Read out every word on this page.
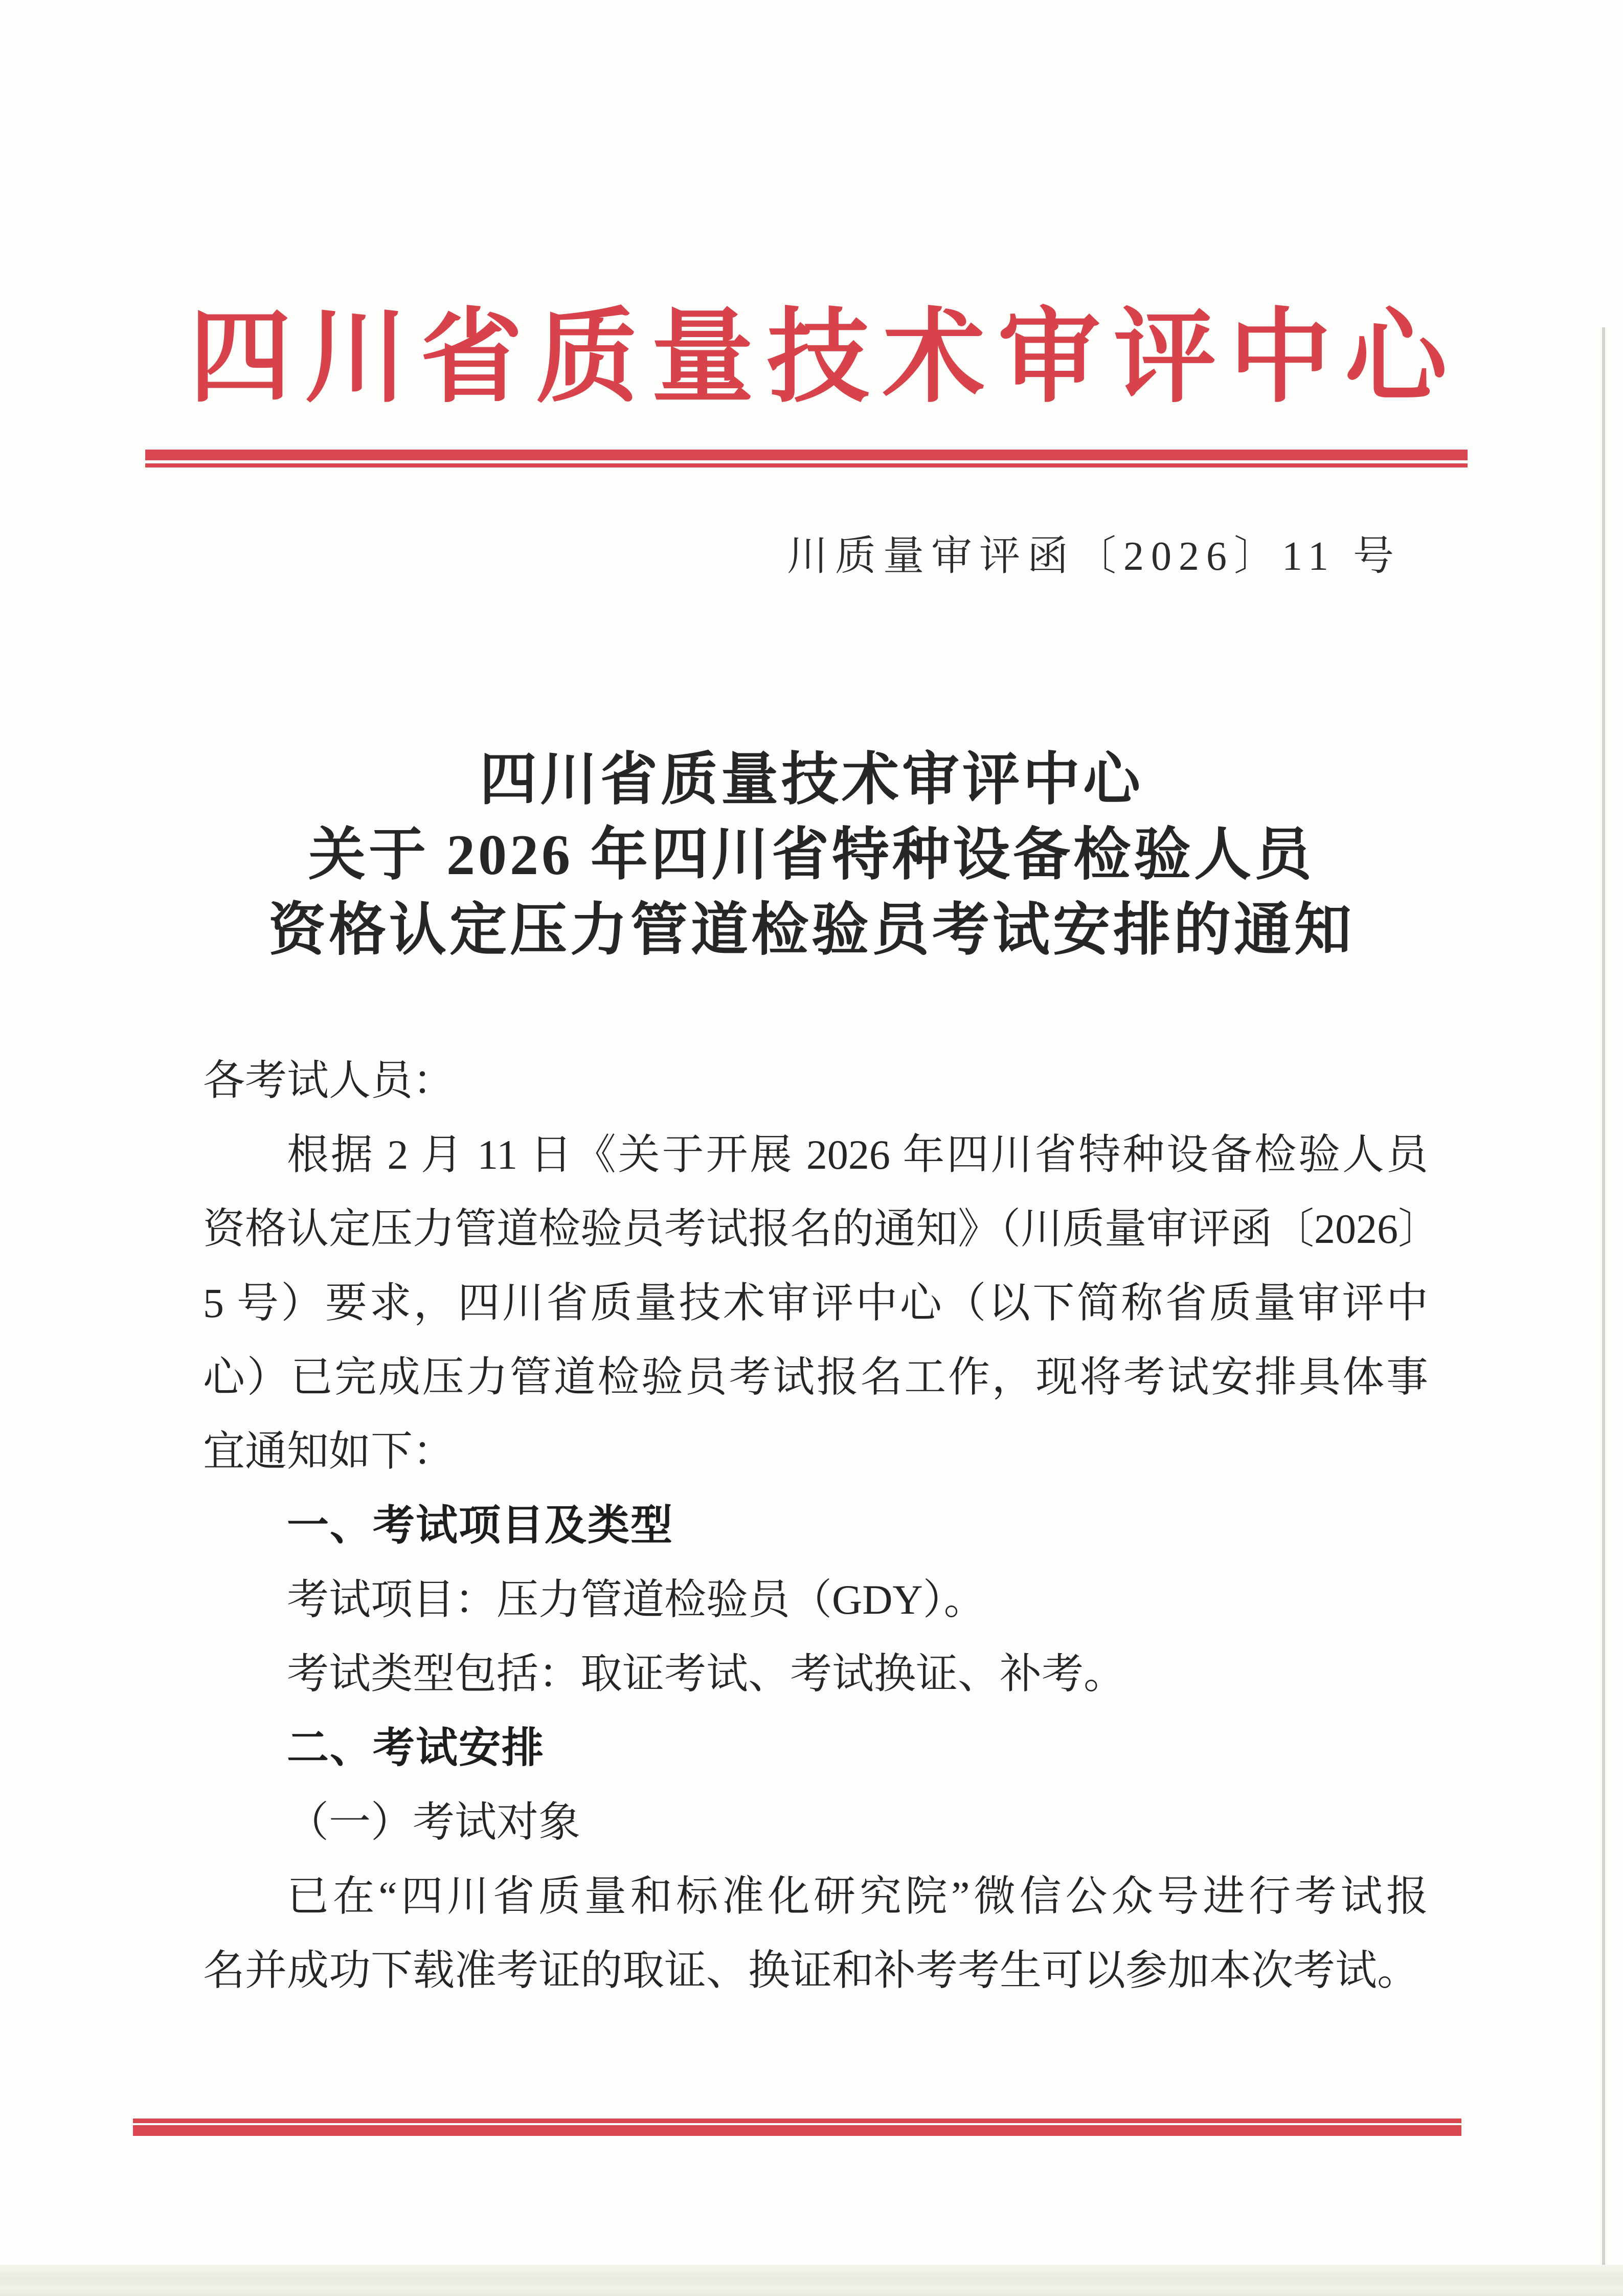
四川省质量技术审评中心
川质量审评函〔2026〕11 号
四川省质量技术审评中心
关于 2026 年四川省特种设备检验人员
资格认定压力管道检验员考试安排的通知
各考试人员：
根据 2 月 11 日《关于开展 2026 年四川省特种设备检验人员
资格认定压力管道检验员考试报名的通知》（川质量审评函〔2026〕
5 号）要求，四川省质量技术审评中心（以下简称省质量审评中
心）已完成压力管道检验员考试报名工作，现将考试安排具体事
宜通知如下：
一、考试项目及类型
考试项目：压力管道检验员（GDY）。
考试类型包括：取证考试、考试换证、补考。
二、考试安排
（一）考试对象
已在“四川省质量和标准化研究院”微信公众号进行考试报
名并成功下载准考证的取证、换证和补考考生可以参加本次考试。
